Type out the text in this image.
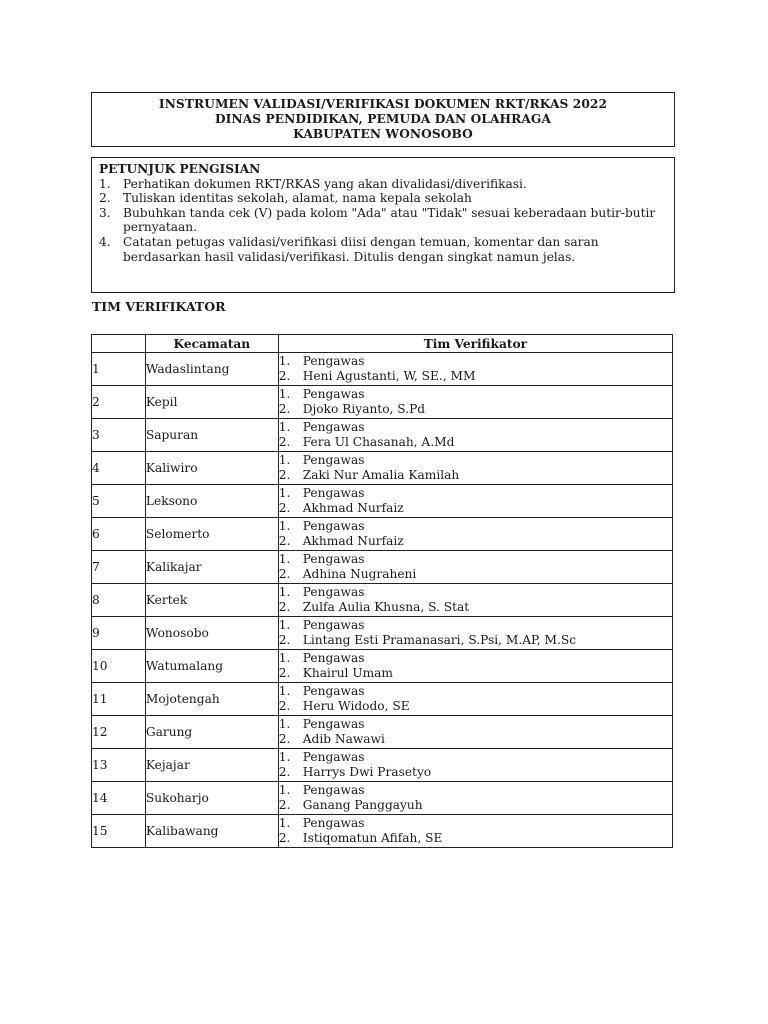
INSTRUMEN VALIDASI/VERIFIKASI DOKUMEN RKT/RKAS 2022
DINAS PENDIDIKAN, PEMUDA DAN OLAHRAGA
KABUPATEN WONOSOBO
PETUNJUK PENGISIAN
1.	Perhatikan dokumen RKT/RKAS yang akan divalidasi/diverifikasi.
2.	Tuliskan identitas sekolah, alamat, nama kepala sekolah
3.	Bubuhkan tanda cek (V) pada kolom "Ada" atau "Tidak" sesuai keberadaan butir-butir pernyataan.
4.	Catatan petugas validasi/verifikasi diisi dengan temuan, komentar dan saran berdasarkan hasil validasi/verifikasi. Ditulis dengan singkat namun jelas.
TIM VERIFIKATOR
	Kecamatan	Tim Verifikator
1	Wadaslintang	1. Pengawas
2. Heni Agustanti, W, SE., MM

2	Kepil	1. Pengawas
2. Djoko Riyanto, S.Pd

3	Sapuran	1. Pengawas
2. Fera Ul Chasanah, A.Md

4	Kaliwiro	1. Pengawas
2. Zaki Nur Amalia Kamilah

5	Leksono	1. Pengawas
2. Akhmad Nurfaiz

6	Selomerto	1. Pengawas
2. Akhmad Nurfaiz

7	Kalikajar	1. Pengawas
2. Adhina Nugraheni

8	Kertek	1. Pengawas
2. Zulfa Aulia Khusna, S. Stat

9	Wonosobo	1. Pengawas
2. Lintang Esti Pramanasari, S.Psi, M.AP, M.Sc

10	Watumalang	1. Pengawas
2. Khairul Umam

11	Mojotengah	1. Pengawas
2. Heru Widodo, SE

12	Garung	1. Pengawas
2. Adib Nawawi

13	Kejajar	1. Pengawas
2. Harrys Dwi Prasetyo

14	Sukoharjo	1. Pengawas
2. Ganang Panggayuh

15	Kalibawang	1. Pengawas
2. Istiqomatun Afifah, SE
